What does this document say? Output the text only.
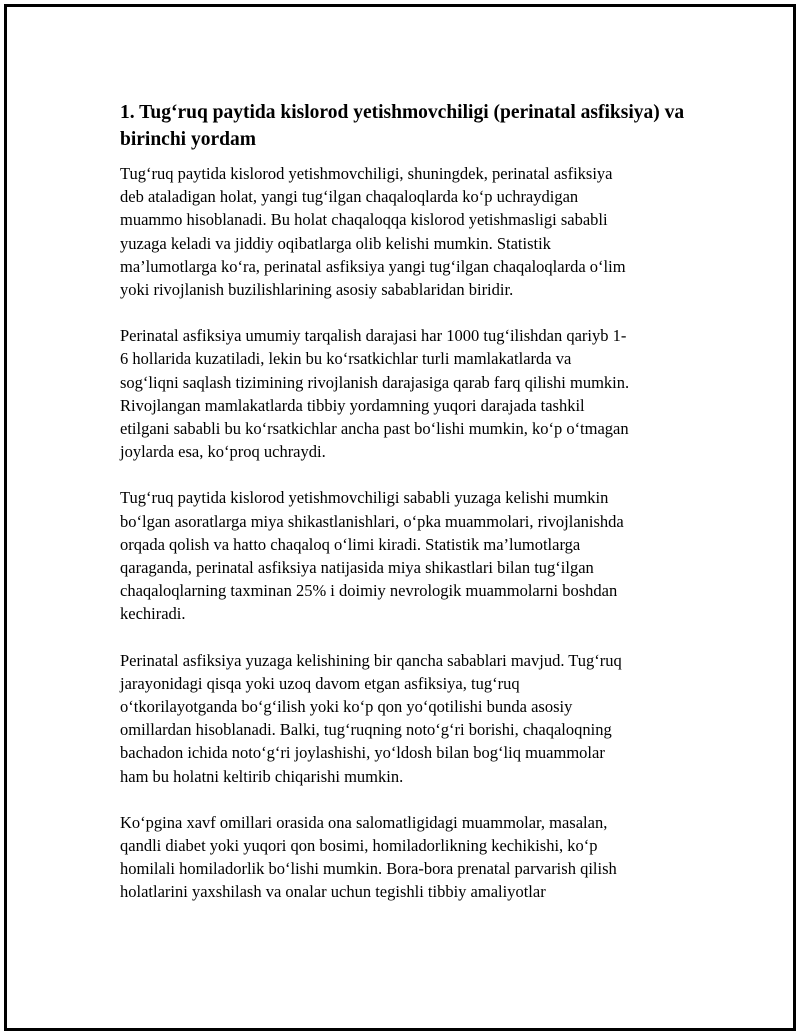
1. Tug‘ruq paytida kislorod yetishmovchiligi (perinatal asfiksiya) va birinchi yordam

Tug‘ruq paytida kislorod yetishmovchiligi, shuningdek, perinatal asfiksiya
deb ataladigan holat, yangi tug‘ilgan chaqaloqlarda ko‘p uchraydigan
muammo hisoblanadi. Bu holat chaqaloqqa kislorod yetishmasligi sababli
yuzaga keladi va jiddiy oqibatlarga olib kelishi mumkin. Statistik
ma’lumotlarga ko‘ra, perinatal asfiksiya yangi tug‘ilgan chaqaloqlarda o‘lim
yoki rivojlanish buzilishlarining asosiy sabablaridan biridir.

Perinatal asfiksiya umumiy tarqalish darajasi har 1000 tug‘ilishdan qariyb 1-
6 hollarida kuzatiladi, lekin bu ko‘rsatkichlar turli mamlakatlarda va
sog‘liqni saqlash tizimining rivojlanish darajasiga qarab farq qilishi mumkin.
Rivojlangan mamlakatlarda tibbiy yordamning yuqori darajada tashkil
etilgani sababli bu ko‘rsatkichlar ancha past bo‘lishi mumkin, ko‘p o‘tmagan
joylarda esa, ko‘proq uchraydi.

Tug‘ruq paytida kislorod yetishmovchiligi sababli yuzaga kelishi mumkin
bo‘lgan asoratlarga miya shikastlanishlari, o‘pka muammolari, rivojlanishda
orqada qolish va hatto chaqaloq o‘limi kiradi. Statistik ma’lumotlarga
qaraganda, perinatal asfiksiya natijasida miya shikastlari bilan tug‘ilgan
chaqaloqlarning taxminan 25% i doimiy nevrologik muammolarni boshdan
kechiradi.

Perinatal asfiksiya yuzaga kelishining bir qancha sabablari mavjud. Tug‘ruq
jarayonidagi qisqa yoki uzoq davom etgan asfiksiya, tug‘ruq
o‘tkorilayotganda bo‘g‘ilish yoki ko‘p qon yo‘qotilishi bunda asosiy
omillardan hisoblanadi. Balki, tug‘ruqning noto‘g‘ri borishi, chaqaloqning
bachadon ichida noto‘g‘ri joylashishi, yo‘ldosh bilan bog‘liq muammolar
ham bu holatni keltirib chiqarishi mumkin.

Ko‘pgina xavf omillari orasida ona salomatligidagi muammolar, masalan,
qandli diabet yoki yuqori qon bosimi, homiladorlikning kechikishi, ko‘p
homilali homiladorlik bo‘lishi mumkin. Bora-bora prenatal parvarish qilish
holatlarini yaxshilash va onalar uchun tegishli tibbiy amaliyotlar
